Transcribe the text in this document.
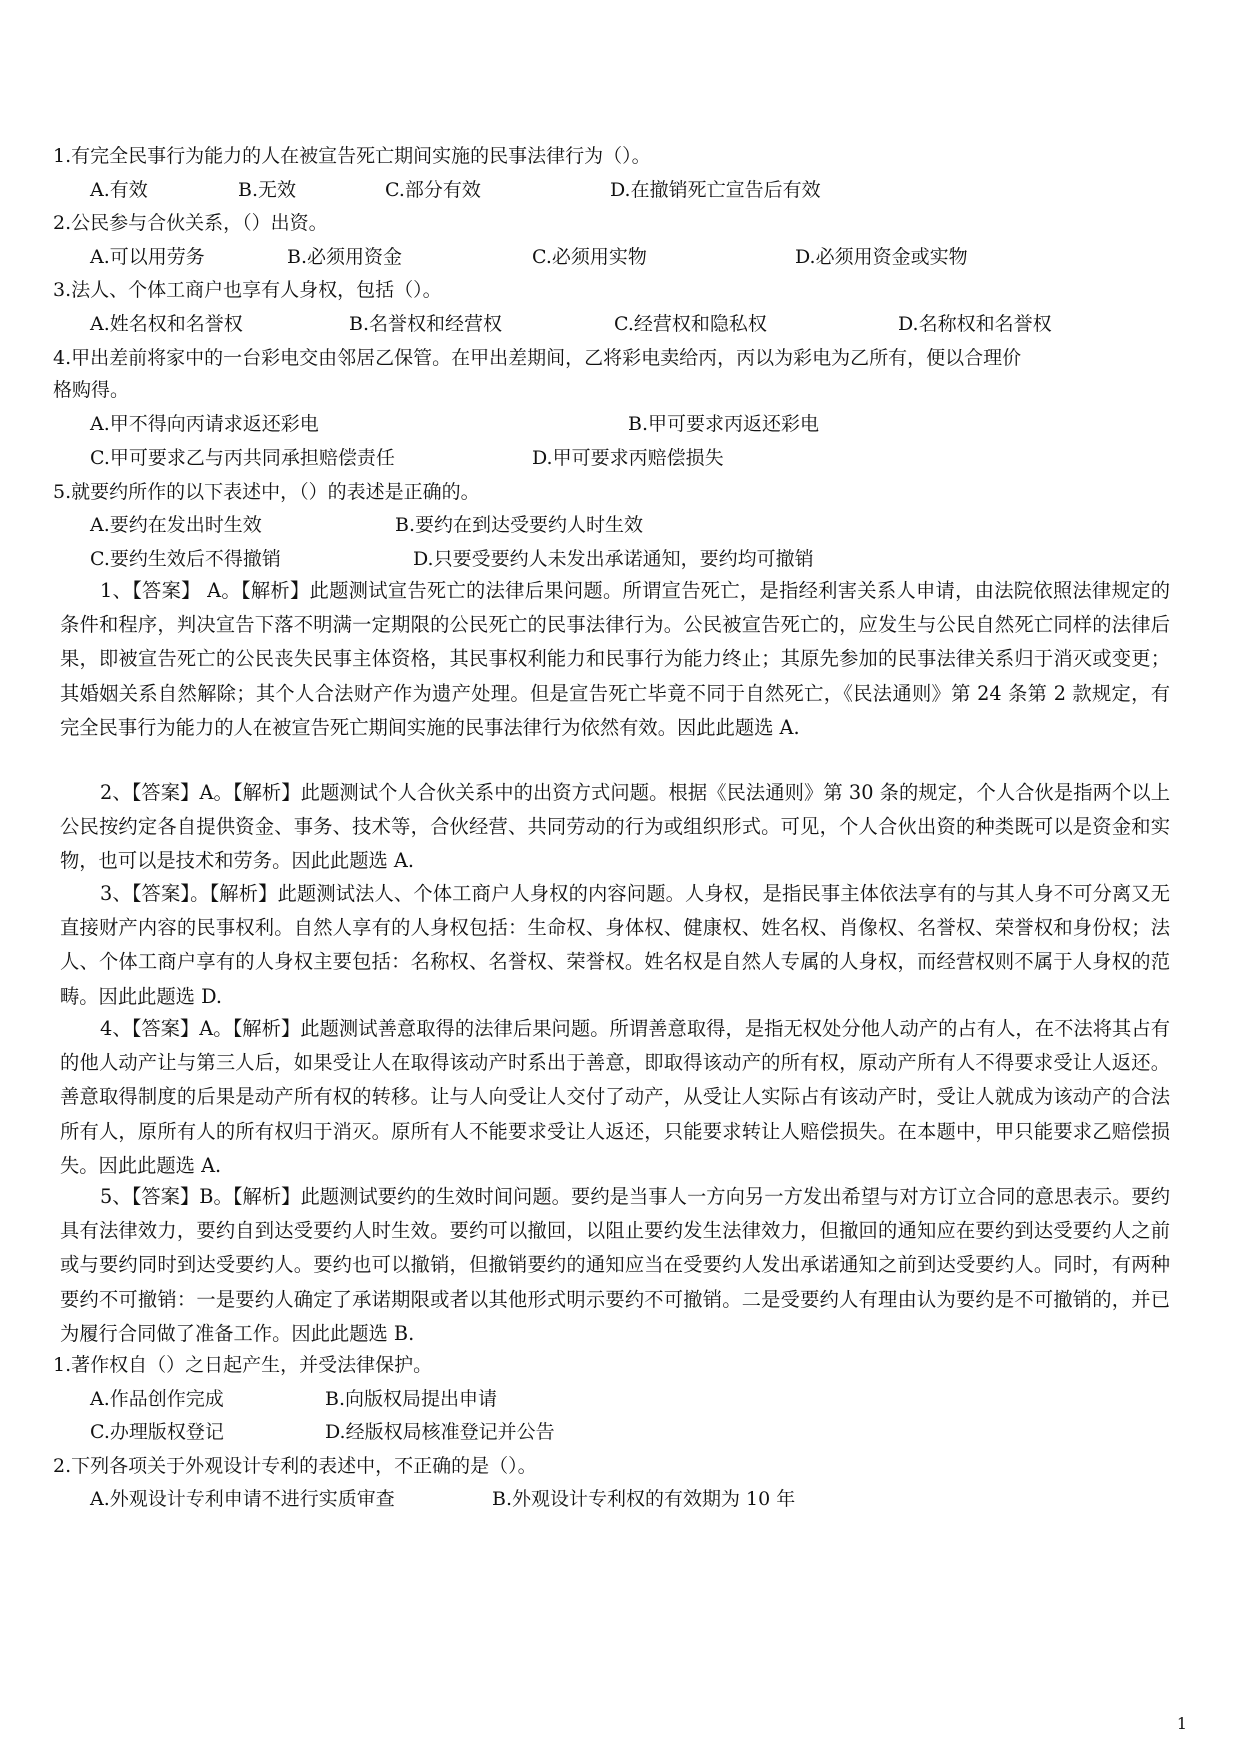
1.有完全民事行为能力的人在被宣告死亡期间实施的民事法律行为（）。
A.有效	B.无效	C.部分有效	D.在撤销死亡宣告后有效
2.公民参与合伙关系，（）出资。
A.可以用劳务	B.必须用资金	C.必须用实物	D.必须用资金或实物
3.法人、个体工商户也享有人身权，包括（）。
A.姓名权和名誉权	B.名誉权和经营权	C.经营权和隐私权	D.名称权和名誉权
4.甲出差前将家中的一台彩电交由邻居乙保管。在甲出差期间，乙将彩电卖给丙，丙以为彩电为乙所有，便以合理价
格购得。
A.甲不得向丙请求返还彩电	B.甲可要求丙返还彩电
C.甲可要求乙与丙共同承担赔偿责任	D.甲可要求丙赔偿损失
5.就要约所作的以下表述中，（）的表述是正确的。
A.要约在发出时生效	B.要约在到达受要约人时生效
C.要约生效后不得撤销	D.只要受要约人未发出承诺通知，要约均可撤销
1、【答案】 A。【解析】此题测试宣告死亡的法律后果问题。所谓宣告死亡，是指经利害关系人申请，由法院依照法律规定的条件和程序，判决宣告下落不明满一定期限的公民死亡的民事法律行为。公民被宣告死亡的，应发生与公民自然死亡同样的法律后果，即被宣告死亡的公民丧失民事主体资格，其民事权利能力和民事行为能力终止；其原先参加的民事法律关系归于消灭或变更；其婚姻关系自然解除；其个人合法财产作为遗产处理。但是宣告死亡毕竟不同于自然死亡，《民法通则》第 24 条第 2 款规定，有完全民事行为能力的人在被宣告死亡期间实施的民事法律行为依然有效。因此此题选 A.
2、【答案】A。【解析】此题测试个人合伙关系中的出资方式问题。根据《民法通则》第 30 条的规定，个人合伙是指两个以上公民按约定各自提供资金、事务、技术等，合伙经营、共同劳动的行为或组织形式。可见，个人合伙出资的种类既可以是资金和实物，也可以是技术和劳务。因此此题选 A.
3、【答案】。【解析】此题测试法人、个体工商户人身权的内容问题。人身权，是指民事主体依法享有的与其人身不可分离又无直接财产内容的民事权利。自然人享有的人身权包括：生命权、身体权、健康权、姓名权、肖像权、名誉权、荣誉权和身份权；法人、个体工商户享有的人身权主要包括：名称权、名誉权、荣誉权。姓名权是自然人专属的人身权，而经营权则不属于人身权的范畴。因此此题选 D.
4、【答案】A。【解析】此题测试善意取得的法律后果问题。所谓善意取得，是指无权处分他人动产的占有人，在不法将其占有的他人动产让与第三人后，如果受让人在取得该动产时系出于善意，即取得该动产的所有权，原动产所有人不得要求受让人返还。善意取得制度的后果是动产所有权的转移。让与人向受让人交付了动产，从受让人实际占有该动产时，受让人就成为该动产的合法所有人，原所有人的所有权归于消灭。原所有人不能要求受让人返还，只能要求转让人赔偿损失。在本题中，甲只能要求乙赔偿损失。因此此题选 A.
5、【答案】B。【解析】此题测试要约的生效时间问题。要约是当事人一方向另一方发出希望与对方订立合同的意思表示。要约具有法律效力，要约自到达受要约人时生效。要约可以撤回，以阻止要约发生法律效力，但撤回的通知应在要约到达受要约人之前或与要约同时到达受要约人。要约也可以撤销，但撤销要约的通知应当在受要约人发出承诺通知之前到达受要约人。同时，有两种要约不可撤销：一是要约人确定了承诺期限或者以其他形式明示要约不可撤销。二是受要约人有理由认为要约是不可撤销的，并已为履行合同做了准备工作。因此此题选 B.
1.著作权自（）之日起产生，并受法律保护。
A.作品创作完成	B.向版权局提出申请
C.办理版权登记	D.经版权局核准登记并公告
2.下列各项关于外观设计专利的表述中，不正确的是（）。
A.外观设计专利申请不进行实质审查	B.外观设计专利权的有效期为 10 年
1
